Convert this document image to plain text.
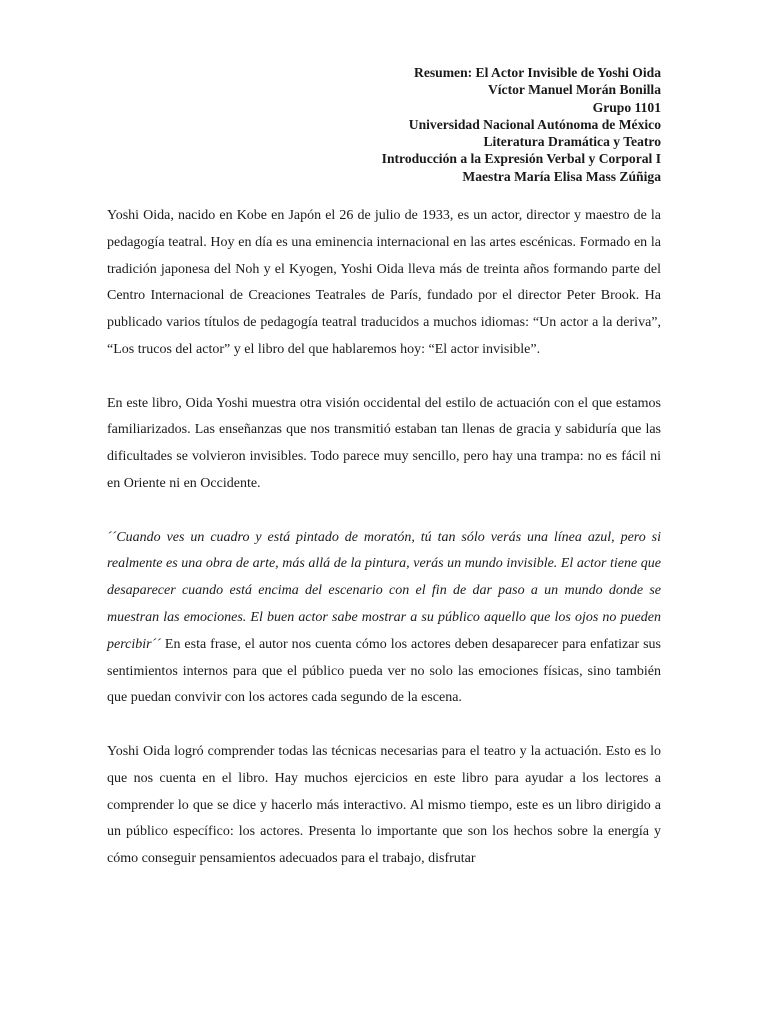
Resumen: El Actor Invisible de Yoshi Oida
Víctor Manuel Morán Bonilla
Grupo 1101
Universidad Nacional Autónoma de México
Literatura Dramática y Teatro
Introducción a la Expresión Verbal y Corporal I
Maestra María Elisa Mass Zúñiga

Yoshi Oida, nacido en Kobe en Japón el 26 de julio de 1933, es un actor, director y maestro de la pedagogía teatral. Hoy en día es una eminencia internacional en las artes escénicas. Formado en la tradición japonesa del Noh y el Kyogen, Yoshi Oida lleva más de treinta años formando parte del Centro Internacional de Creaciones Teatrales de París, fundado por el director Peter Brook. Ha publicado varios títulos de pedagogía teatral traducidos a muchos idiomas: “Un actor a la deriva”, “Los trucos del actor” y el libro del que hablaremos hoy: “El actor invisible”.

En este libro, Oida Yoshi muestra otra visión occidental del estilo de actuación con el que estamos familiarizados. Las enseñanzas que nos transmitió estaban tan llenas de gracia y sabiduría que las dificultades se volvieron invisibles. Todo parece muy sencillo, pero hay una trampa: no es fácil ni en Oriente ni en Occidente.

´´Cuando ves un cuadro y está pintado de moratón, tú tan sólo verás una línea azul, pero si realmente es una obra de arte, más allá de la pintura, verás un mundo invisible. El actor tiene que desaparecer cuando está encima del escenario con el fin de dar paso a un mundo donde se muestran las emociones. El buen actor sabe mostrar a su público aquello que los ojos no pueden percibir´´ En esta frase, el autor nos cuenta cómo los actores deben desaparecer para enfatizar sus sentimientos internos para que el público pueda ver no solo las emociones físicas, sino también que puedan convivir con los actores cada segundo de la escena.

Yoshi Oida logró comprender todas las técnicas necesarias para el teatro y la actuación. Esto es lo que nos cuenta en el libro. Hay muchos ejercicios en este libro para ayudar a los lectores a comprender lo que se dice y hacerlo más interactivo. Al mismo tiempo, este es un libro dirigido a un público específico: los actores. Presenta lo importante que son los hechos sobre la energía y cómo conseguir pensamientos adecuados para el trabajo, disfrutar
